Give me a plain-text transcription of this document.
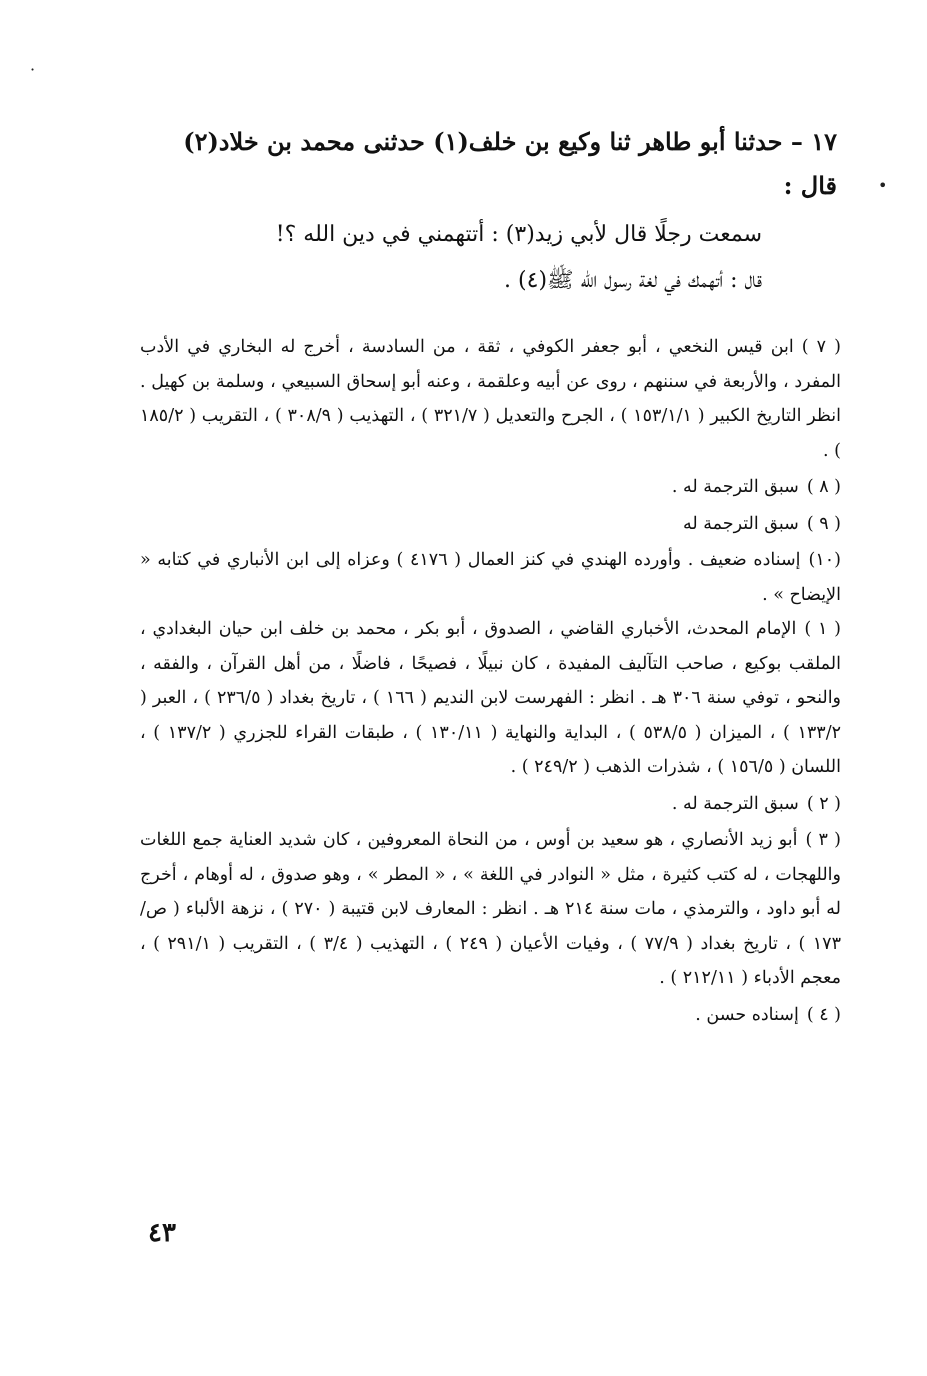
·
•
١٧ – حدثنا أبو طاهر ثنا وكيع بن خلف(١) حدثنى محمد بن خلاد(٢)
قال :
سمعت رجلًا قال لأبي زيد(٣) : أتتهمني في دين الله ؟!
قال : أتهمك في لغة رسول الله ﷺ(٤) .

( ٧ )ابن قيس النخعي ، أبو جعفر الكوفي ، ثقة ، من السادسة ، أخرج له البخاري في الأدب المفرد ، والأربعة في سننهم ، روى عن أبيه وعلقمة ، وعنه أبو إسحاق السبيعي ، وسلمة بن كهيل . انظر التاريخ الكبير ( ١٥٣/١/١ ) ، الجرح والتعديل ( ٣٢١/٧ ) ، التهذيب ( ٣٠٨/٩ ) ، التقريب ( ١٨٥/٢ ) .

( ٨ )سبق الترجمة له .

( ٩ )سبق الترجمة له

(١٠)إسناده ضعيف . وأورده الهندي في كنز العمال ( ٤١٧٦ ) وعزاه إلى ابن الأنباري في كتابه « الإيضاح » .

( ١ )الإمام المحدث، الأخباري القاضي ، الصدوق ، أبو بكر ، محمد بن خلف ابن حيان البغدادي ، الملقب بوكيع ، صاحب التآليف المفيدة ، كان نبيلًا ، فصيحًا ، فاضلًا ، من أهل القرآن ، والفقه ، والنحو ، توفي سنة ٣٠٦ هـ . انظر : الفهرست لابن النديم ( ١٦٦ ) ، تاريخ بغداد ( ٢٣٦/٥ ) ، العبر ( ١٣٣/٢ ) ، الميزان ( ٥٣٨/٥ ) ، البداية والنهاية ( ١٣٠/١١ ) ، طبقات القراء للجزري ( ١٣٧/٢ ) ، اللسان ( ١٥٦/٥ ) ، شذرات الذهب ( ٢٤٩/٢ ) .

( ٢ )سبق الترجمة له .

( ٣ )أبو زيد الأنصاري ، هو سعيد بن أوس ، من النحاة المعروفين ، كان شديد العناية جمع اللغات واللهجات ، له كتب كثيرة ، مثل « النوادر في اللغة » ، « المطر » ، وهو صدوق ، له أوهام ، أخرج له أبو داود ، والترمذي ، مات سنة ٢١٤ هـ . انظر : المعارف لابن قتيبة ( ٢٧٠ ) ، نزهة الألباء ( ص/١٧٣ ) ، تاريخ بغداد ( ٧٧/٩ ) ، وفيات الأعيان ( ٢٤٩ ) ، التهذيب ( ٣/٤ ) ، التقريب ( ٢٩١/١ ) ، معجم الأدباء ( ٢١٢/١١ ) .

( ٤ )إسناده حسن .

٤٣
